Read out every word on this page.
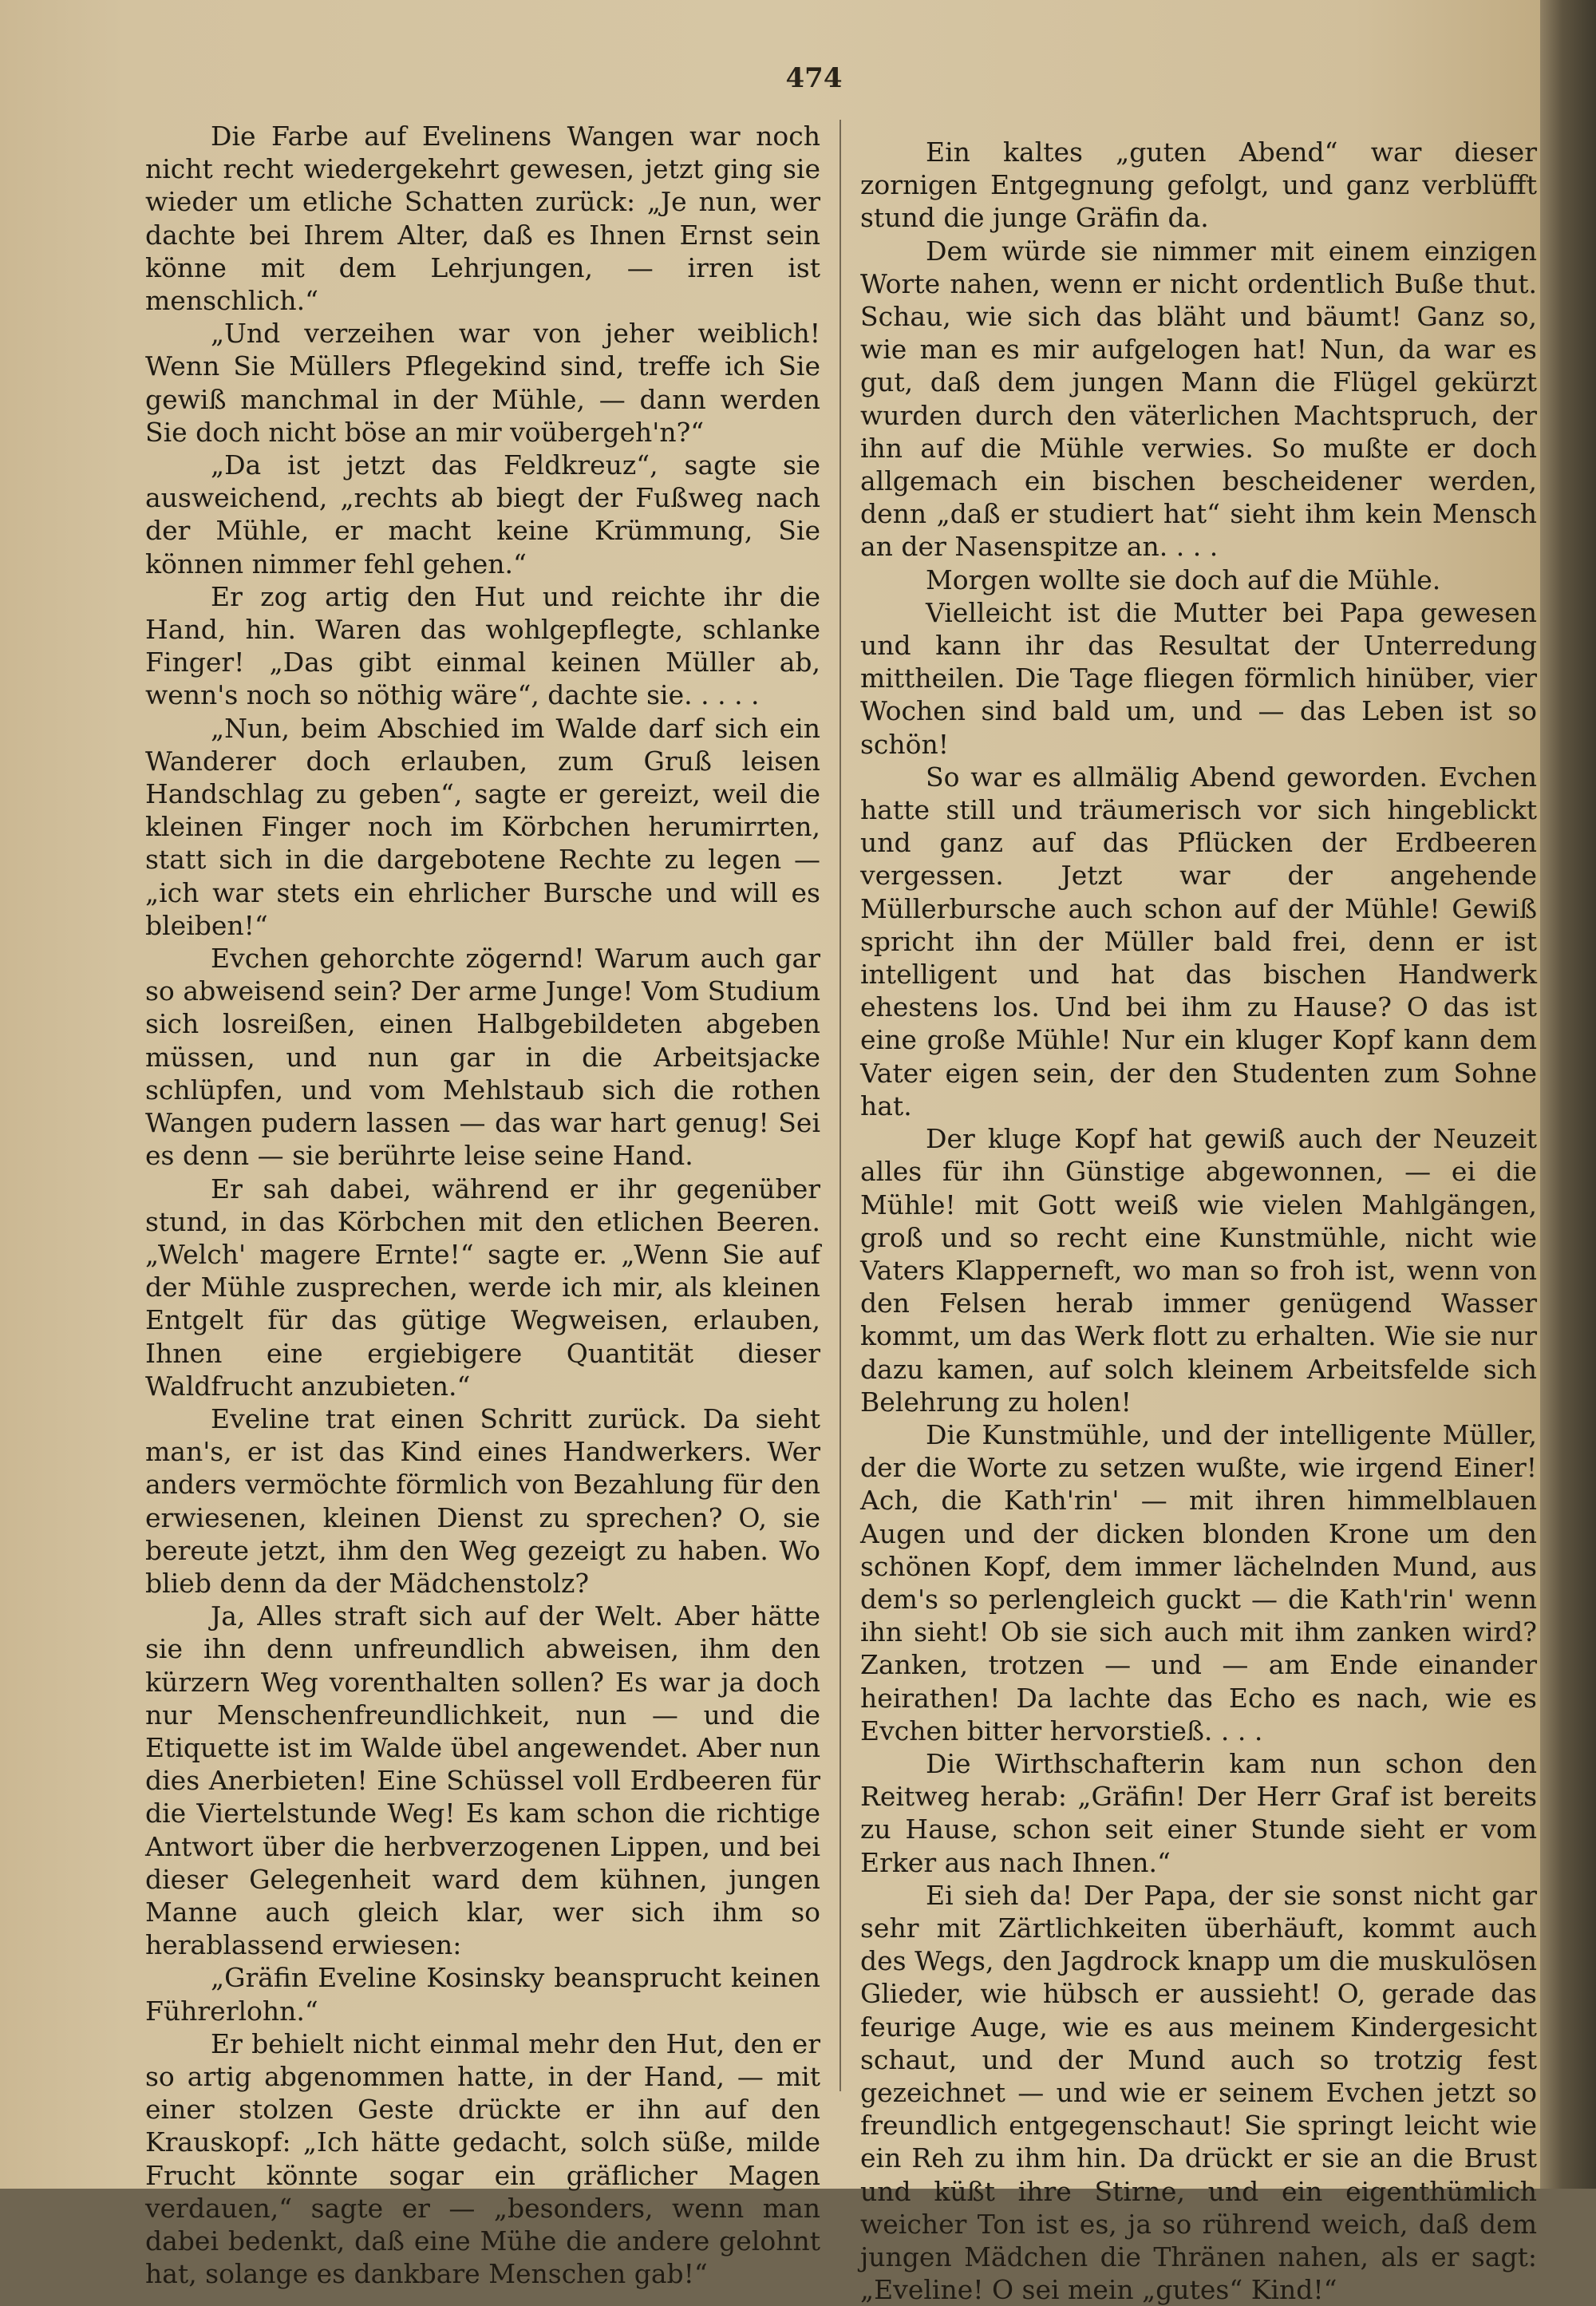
474

Die Farbe auf Evelinens Wangen war noch nicht recht wiedergekehrt gewesen, jetzt ging sie wieder um etliche Schatten zurück: „Je nun, wer dachte bei Ihrem Alter, daß es Ihnen Ernst sein könne mit dem Lehrjungen, — irren ist menschlich.“

„Und verzeihen war von jeher weiblich! Wenn Sie Müllers Pflegekind sind, treffe ich Sie gewiß manchmal in der Mühle, — dann werden Sie doch nicht böse an mir voübergeh'n?“

„Da ist jetzt das Feldkreuz“, sagte sie ausweichend, „rechts ab biegt der Fußweg nach der Mühle, er macht keine Krümmung, Sie können nimmer fehl gehen.“

Er zog artig den Hut und reichte ihr die Hand, hin. Waren das wohlgepflegte, schlanke Finger! „Das gibt einmal keinen Müller ab, wenn's noch so nöthig wäre“, dachte sie. . . . .

„Nun, beim Abschied im Walde darf sich ein Wanderer doch erlauben, zum Gruß leisen Handschlag zu geben“, sagte er gereizt, weil die kleinen Finger noch im Körbchen herumirrten, statt sich in die dargebotene Rechte zu legen — „ich war stets ein ehrlicher Bursche und will es bleiben!“

Evchen gehorchte zögernd! Warum auch gar so abweisend sein? Der arme Junge! Vom Studium sich losreißen, einen Halbgebildeten abgeben müssen, und nun gar in die Arbeitsjacke schlüpfen, und vom Mehlstaub sich die rothen Wangen pudern lassen — das war hart genug! Sei es denn — sie berührte leise seine Hand.

Er sah dabei, während er ihr gegenüber stund, in das Körbchen mit den etlichen Beeren. „Welch' magere Ernte!“ sagte er. „Wenn Sie auf der Mühle zusprechen, werde ich mir, als kleinen Entgelt für das gütige Wegweisen, erlauben, Ihnen eine ergiebigere Quantität dieser Waldfrucht anzubieten.“

Eveline trat einen Schritt zurück. Da sieht man's, er ist das Kind eines Handwerkers. Wer anders vermöchte förmlich von Bezahlung für den erwiesenen, kleinen Dienst zu sprechen? O, sie bereute jetzt, ihm den Weg gezeigt zu haben. Wo blieb denn da der Mädchenstolz?

Ja, Alles straft sich auf der Welt. Aber hätte sie ihn denn unfreundlich abweisen, ihm den kürzern Weg vorenthalten sollen? Es war ja doch nur Menschenfreundlichkeit, nun — und die Etiquette ist im Walde übel angewendet. Aber nun dies Anerbieten! Eine Schüssel voll Erdbeeren für die Viertelstunde Weg! Es kam schon die richtige Antwort über die herbverzogenen Lippen, und bei dieser Gelegenheit ward dem kühnen, jungen Manne auch gleich klar, wer sich ihm so herablassend erwiesen:

„Gräfin Eveline Kosinsky beansprucht keinen Führerlohn.“

Er behielt nicht einmal mehr den Hut, den er so artig abgenommen hatte, in der Hand, — mit einer stolzen Geste drückte er ihn auf den Krauskopf: „Ich hätte gedacht, solch süße, milde Frucht könnte sogar ein gräflicher Magen verdauen,“ sagte er — „besonders, wenn man dabei bedenkt, daß eine Mühe die andere gelohnt hat, solange es dankbare Menschen gab!“

Ein kaltes „guten Abend“ war dieser zornigen Entgegnung gefolgt, und ganz verblüfft stund die junge Gräfin da.

Dem würde sie nimmer mit einem einzigen Worte nahen, wenn er nicht ordentlich Buße thut. Schau, wie sich das bläht und bäumt! Ganz so, wie man es mir aufgelogen hat! Nun, da war es gut, daß dem jungen Mann die Flügel gekürzt wurden durch den väterlichen Machtspruch, der ihn auf die Mühle verwies. So mußte er doch allgemach ein bischen bescheidener werden, denn „daß er studiert hat“ sieht ihm kein Mensch an der Nasenspitze an. . . .

Morgen wollte sie doch auf die Mühle.

Vielleicht ist die Mutter bei Papa gewesen und kann ihr das Resultat der Unterredung mittheilen. Die Tage fliegen förmlich hinüber, vier Wochen sind bald um, und — das Leben ist so schön!

So war es allmälig Abend geworden. Evchen hatte still und träumerisch vor sich hingeblickt und ganz auf das Pflücken der Erdbeeren vergessen. Jetzt war der angehende Müllerbursche auch schon auf der Mühle! Gewiß spricht ihn der Müller bald frei, denn er ist intelligent und hat das bischen Handwerk ehestens los. Und bei ihm zu Hause? O das ist eine große Mühle! Nur ein kluger Kopf kann dem Vater eigen sein, der den Studenten zum Sohne hat.

Der kluge Kopf hat gewiß auch der Neuzeit alles für ihn Günstige abgewonnen, — ei die Mühle! mit Gott weiß wie vielen Mahlgängen, groß und so recht eine Kunstmühle, nicht wie Vaters Klapperneft, wo man so froh ist, wenn von den Felsen herab immer genügend Wasser kommt, um das Werk flott zu erhalten. Wie sie nur dazu kamen, auf solch kleinem Arbeitsfelde sich Belehrung zu holen!

Die Kunstmühle, und der intelligente Müller, der die Worte zu setzen wußte, wie irgend Einer! Ach, die Kath'rin' — mit ihren himmelblauen Augen und der dicken blonden Krone um den schönen Kopf, dem immer lächelnden Mund, aus dem's so perlengleich guckt — die Kath'rin' wenn ihn sieht! Ob sie sich auch mit ihm zanken wird? Zanken, trotzen — und — am Ende einander heirathen! Da lachte das Echo es nach, wie es Evchen bitter hervorstieß. . . .

Die Wirthschafterin kam nun schon den Reitweg herab: „Gräfin! Der Herr Graf ist bereits zu Hause, schon seit einer Stunde sieht er vom Erker aus nach Ihnen.“

Ei sieh da! Der Papa, der sie sonst nicht gar sehr mit Zärtlichkeiten überhäuft, kommt auch des Wegs, den Jagdrock knapp um die muskulösen Glieder, wie hübsch er aussieht! O, gerade das feurige Auge, wie es aus meinem Kindergesicht schaut, und der Mund auch so trotzig fest gezeichnet — und wie er seinem Evchen jetzt so freundlich entgegenschaut! Sie springt leicht wie ein Reh zu ihm hin. Da drückt er sie an die Brust und küßt ihre Stirne, und ein eigenthümlich weicher Ton ist es, ja so rührend weich, daß dem jungen Mädchen die Thränen nahen, als er sagt: „Eveline! O sei mein „gutes“ Kind!“
